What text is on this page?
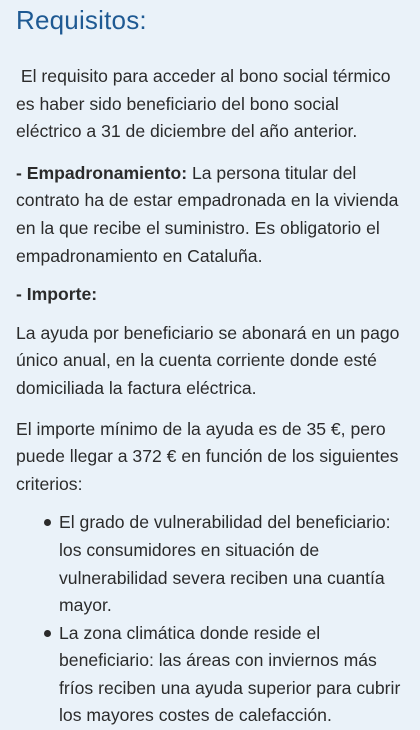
Requisitos:

El requisito para acceder al bono social térmico es haber sido beneficiario del bono social eléctrico a 31 de diciembre del año anterior.

- Empadronamiento: La persona titular del contrato ha de estar empadronada en la vivienda en la que recibe el suministro. Es obligatorio el empadronamiento en Cataluña.

- Importe:

La ayuda por beneficiario se abonará en un pago único anual, en la cuenta corriente donde esté domiciliada la factura eléctrica.

El importe mínimo de la ayuda es de 35 €, pero puede llegar a 372 € en función de los siguientes criterios:

El grado de vulnerabilidad del beneficiario: los consumidores en situación de vulnerabilidad severa reciben una cuantía mayor.
La zona climática donde reside el beneficiario: las áreas con inviernos más fríos reciben una ayuda superior para cubrir los mayores costes de calefacción.
